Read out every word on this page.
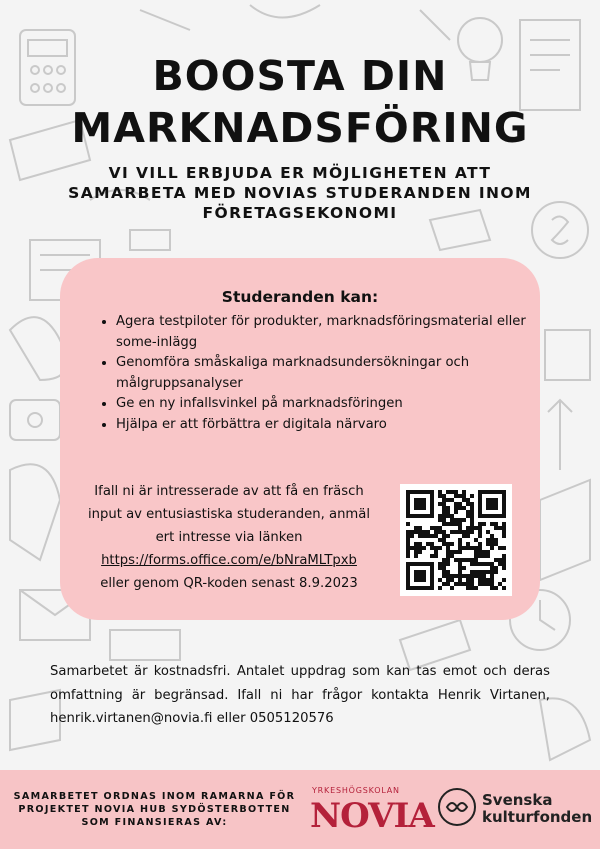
BOOSTA DIN
MARKNADSFÖRING
VI VILL ERBJUDA ER MÖJLIGHETEN ATT
SAMARBETA MED NOVIAS STUDERANDEN INOM
FÖRETAGSEKONOMI
Studeranden kan:
• Agera testpiloter för produkter, marknadsföringsmaterial eller some-inlägg
• Genomföra småskaliga marknadsundersökningar och målgruppsanalyser
• Ge en ny infallsvinkel på marknadsföringen
• Hjälpa er att förbättra er digitala närvaro
Ifall ni är intresserade av att få en fräsch
input av entusiastiska studeranden, anmäl
ert intresse via länken
https://forms.office.com/e/bNraMLTpxb
eller genom QR-koden senast 8.9.2023
Samarbetet är kostnadsfri. Antalet uppdrag som kan tas emot och deras omfattning är begränsad. Ifall ni har frågor kontakta Henrik Virtanen, henrik.virtanen@novia.fi eller 0505120576
SAMARBETET ORDNAS INOM RAMARNA FÖR
PROJEKTET NOVIA HUB SYDÖSTERBOTTEN
SOM FINANSIERAS AV:
YRKESHÖGSKOLAN
NOVIA	Svenska
kulturfonden
